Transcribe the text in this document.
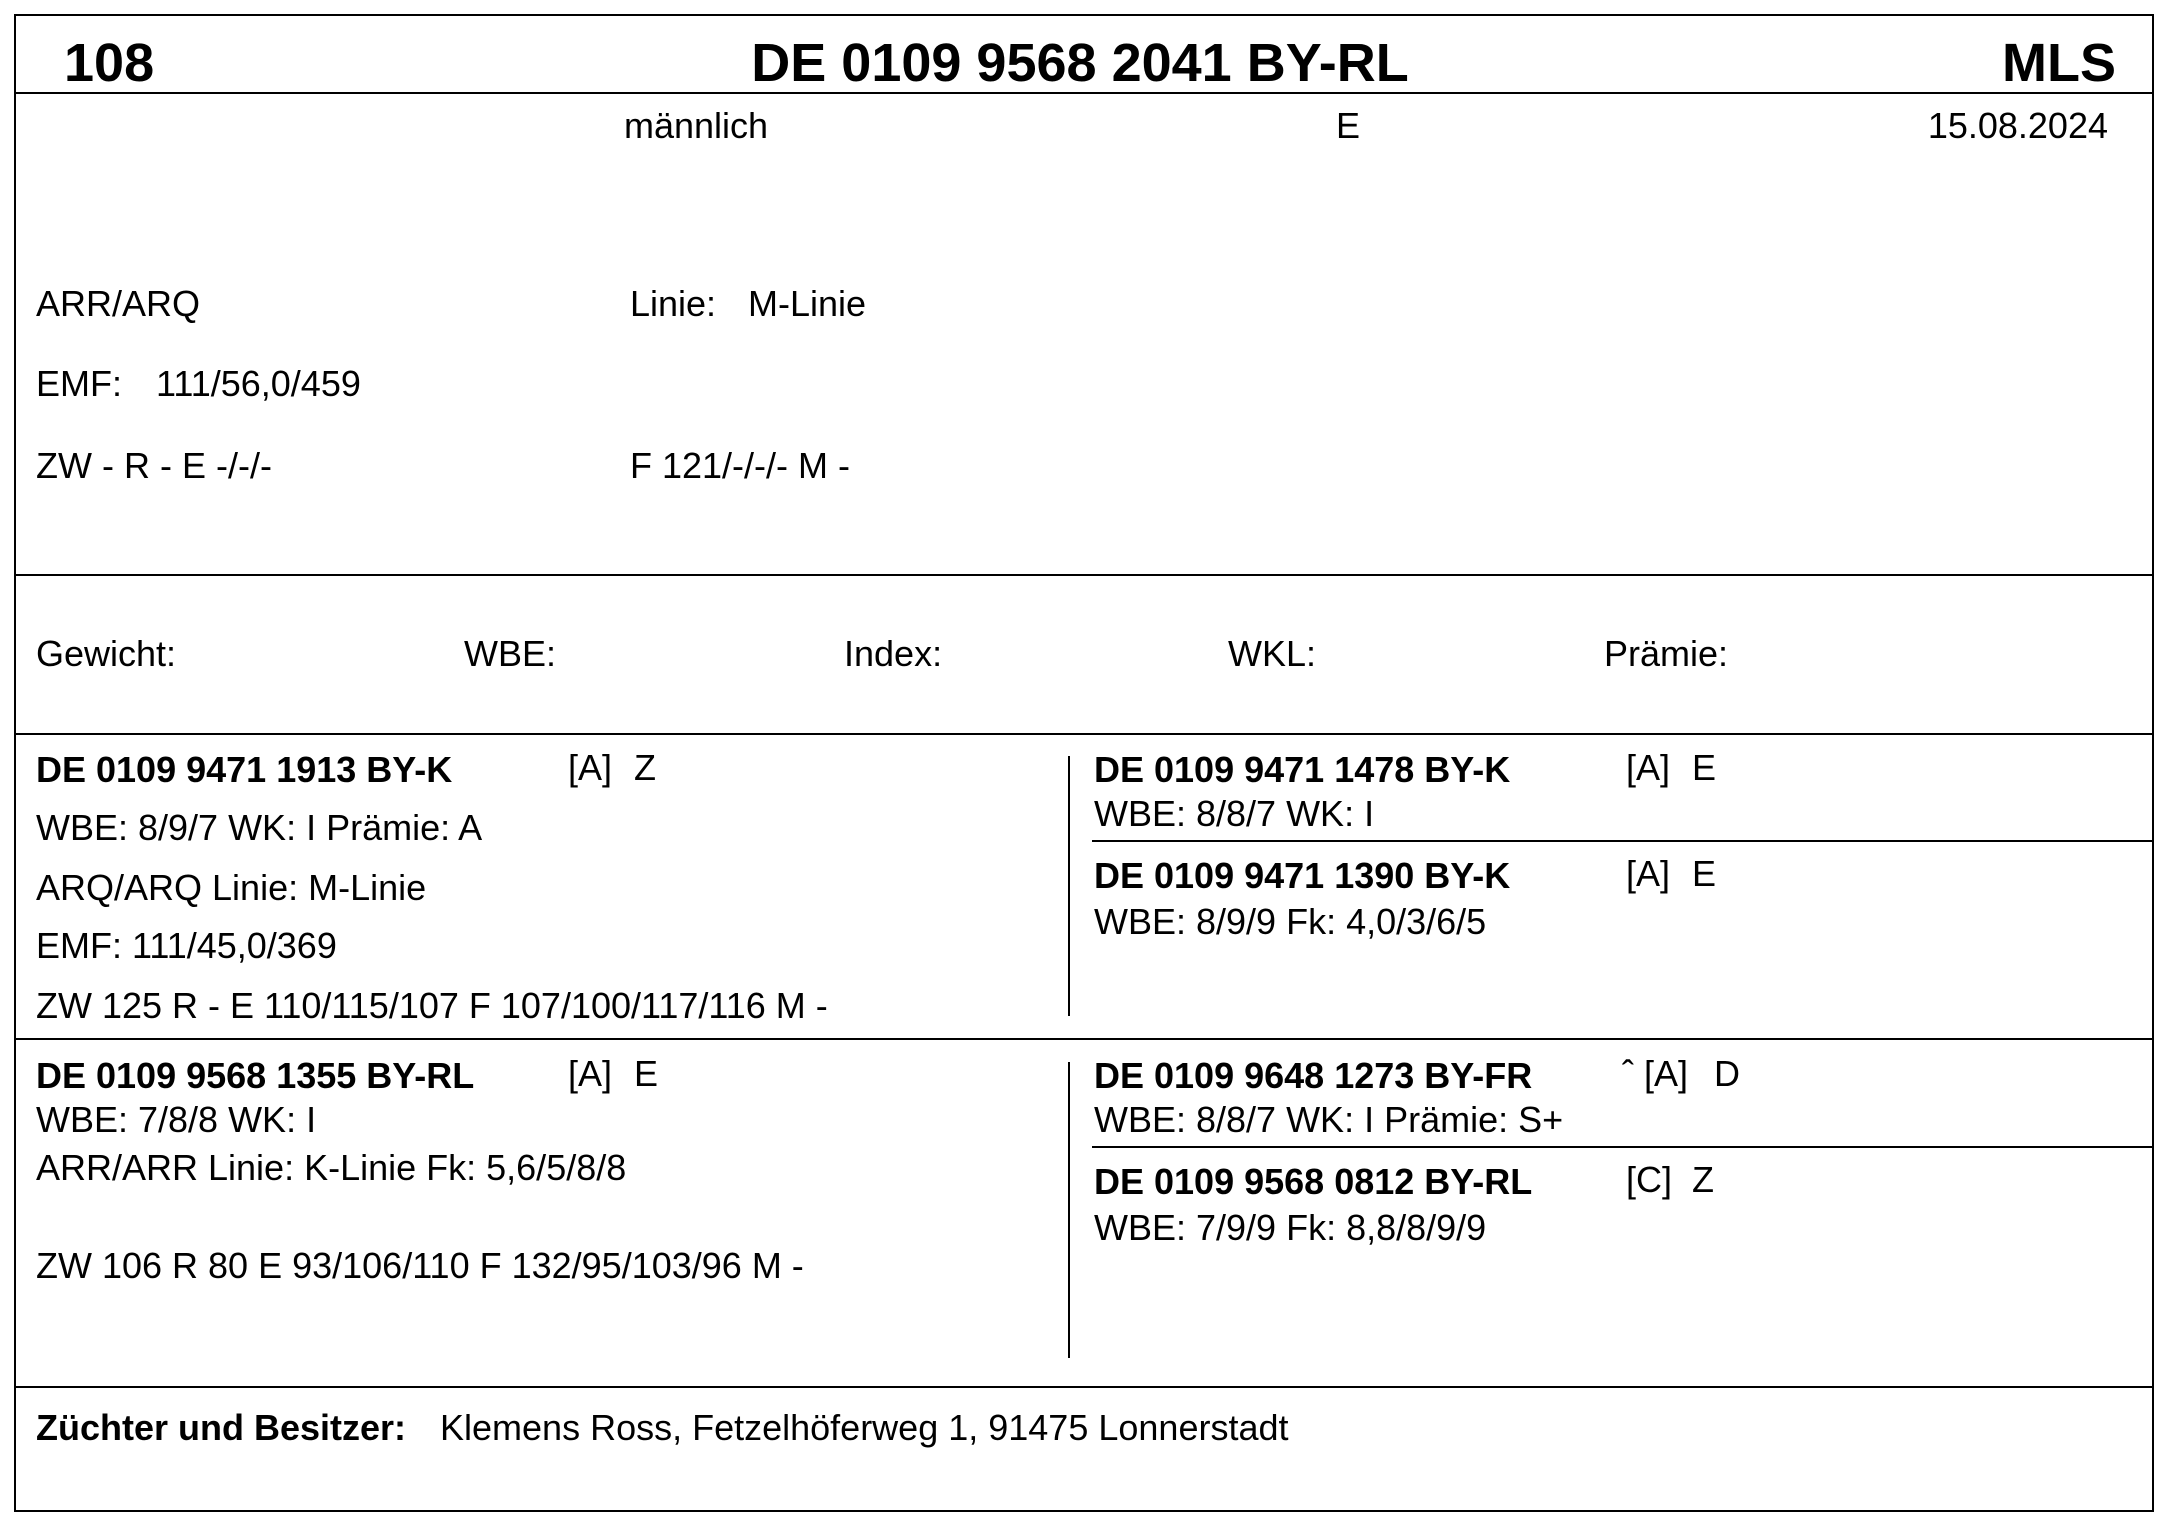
108	DE 0109 9568 2041 BY-RL	MLS
männlich	E	15.08.2024
ARR/ARQ	Linie: M-Linie
EMF: 111/56,0/459
ZW - R - E -/-/-	F 121/-/-/- M -
Gewicht:	WBE:	Index:	WKL:	Prämie:
DE 0109 9471 1913 BY-K	[A] Z
WBE: 8/9/7 WK: I Prämie: A
ARQ/ARQ Linie: M-Linie
EMF: 111/45,0/369
ZW 125 R - E 110/115/107 F 107/100/117/116 M -
DE 0109 9471 1478 BY-K	[A] E
WBE: 8/8/7 WK: I
DE 0109 9471 1390 BY-K	[A] E
WBE: 8/9/9 Fk: 4,0/3/6/5
DE 0109 9568 1355 BY-RL	[A] E
WBE: 7/8/8 WK: I
ARR/ARR Linie: K-Linie Fk: 5,6/5/8/8
ZW 106 R 80 E 93/106/110 F 132/95/103/96 M -
DE 0109 9648 1273 BY-FR ˆ [A] D
WBE: 8/8/7 WK: I Prämie: S+
DE 0109 9568 0812 BY-RL	[C] Z
WBE: 7/9/9 Fk: 8,8/8/9/9
Züchter und Besitzer: Klemens Ross, Fetzelhöferweg 1, 91475 Lonnerstadt
